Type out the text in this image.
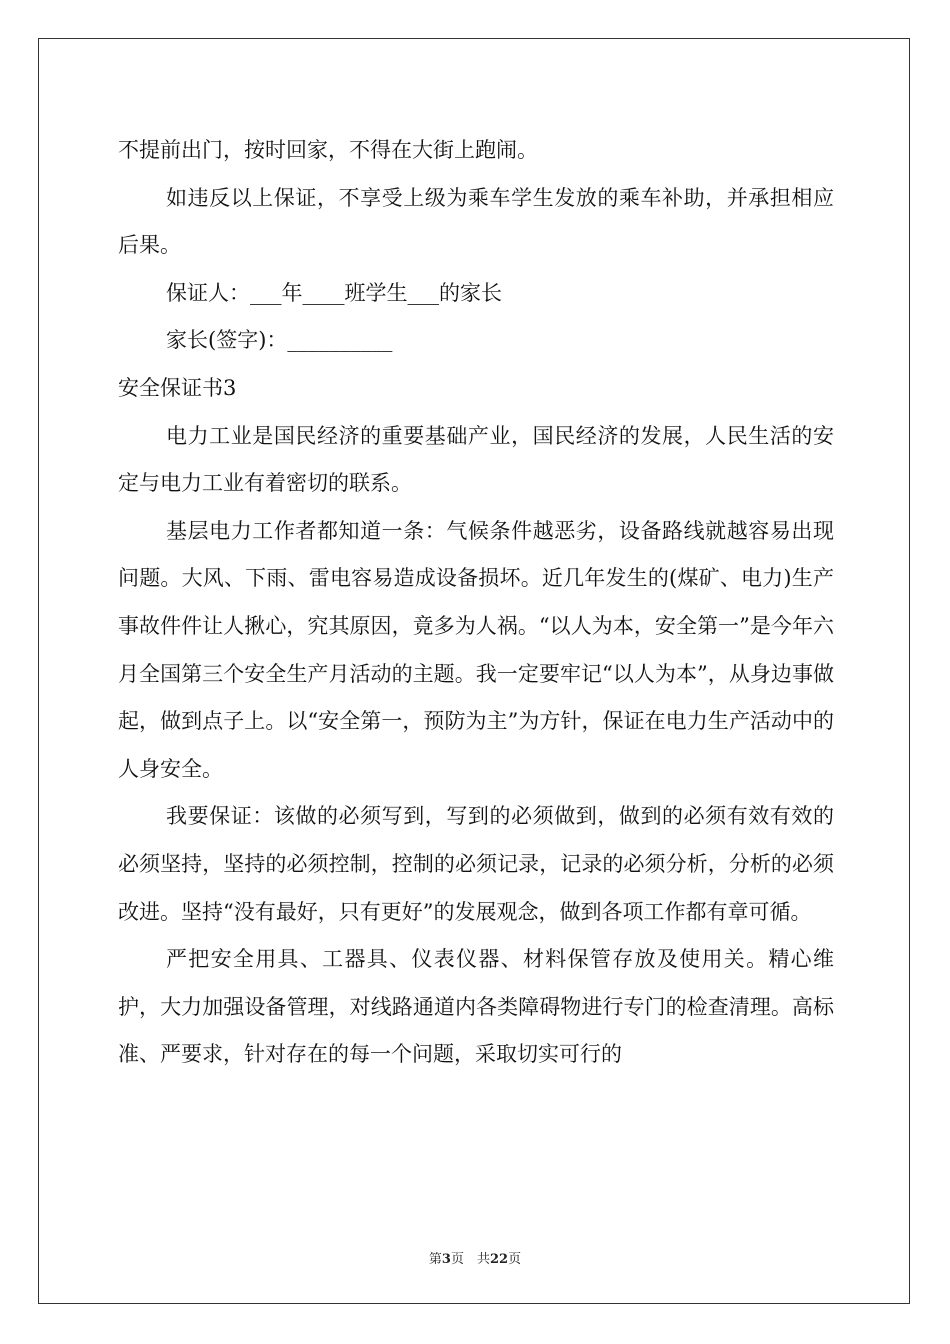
不提前出门，按时回家，不得在大街上跑闹。
如违反以上保证，不享受上级为乘车学生发放的乘车补助，并承担相应后果。
保证人：___年____班学生___的家长
家长(签字)：__________
安全保证书3
电力工业是国民经济的重要基础产业，国民经济的发展，人民生活的安定与电力工业有着密切的联系。
基层电力工作者都知道一条：气候条件越恶劣，设备路线就越容易出现问题。大风、下雨、雷电容易造成设备损坏。近几年发生的(煤矿、电力)生产事故件件让人揪心，究其原因，竟多为人祸。“以人为本，安全第一”是今年六月全国第三个安全生产月活动的主题。我一定要牢记“以人为本”，从身边事做起，做到点子上。以“安全第一，预防为主”为方针，保证在电力生产活动中的人身安全。
我要保证：该做的必须写到，写到的必须做到，做到的必须有效有效的必须坚持，坚持的必须控制，控制的必须记录，记录的必须分析，分析的必须改进。坚持“没有最好，只有更好”的发展观念，做到各项工作都有章可循。
严把安全用具、工器具、仪表仪器、材料保管存放及使用关。精心维护，大力加强设备管理，对线路通道内各类障碍物进行专门的检查清理。高标准、严要求，针对存在的每一个问题，采取切实可行的
第3页　共22页
